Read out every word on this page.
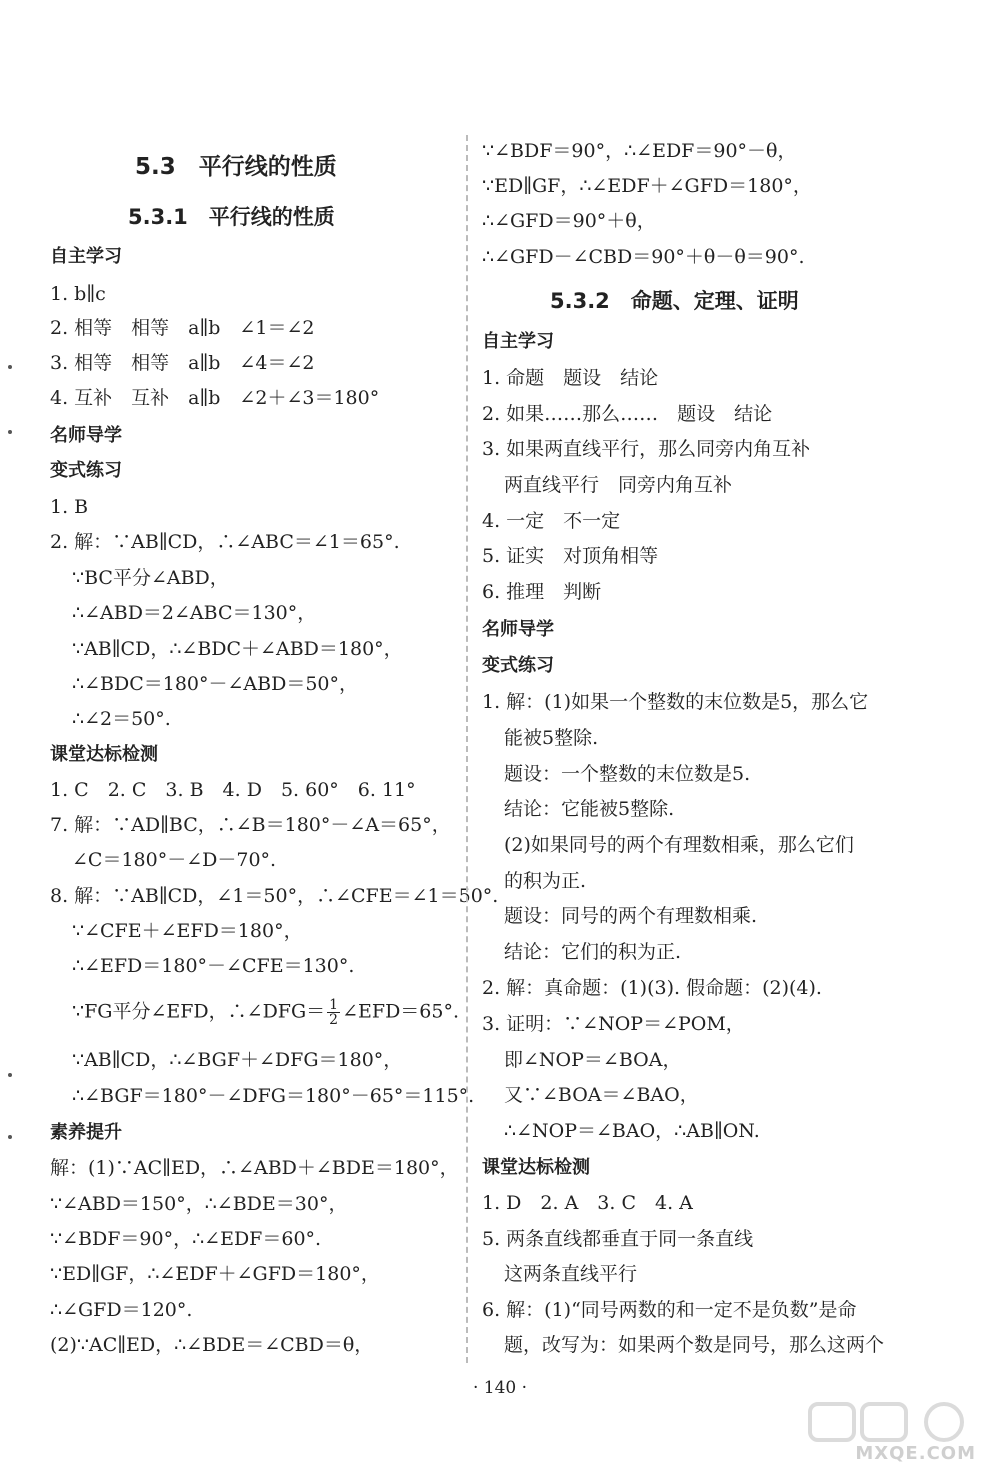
5.3　平行线的性质
5.3.1　平行线的性质
自主学习
1. b∥c
2. 相等　相等　a∥b　∠1＝∠2
3. 相等　相等　a∥b　∠4＝∠2
4. 互补　互补　a∥b　∠2＋∠3＝180°
名师导学
变式练习
1. B
2. 解：∵AB∥CD，∴∠ABC＝∠1＝65°.
∵BC平分∠ABD，
∴∠ABD＝2∠ABC＝130°，
∵AB∥CD，∴∠BDC＋∠ABD＝180°，
∴∠BDC＝180°－∠ABD＝50°，
∴∠2＝50°.
课堂达标检测
1. C　2. C　3. B　4. D　5. 60°　6. 11°
7. 解：∵AD∥BC，∴∠B＝180°－∠A＝65°，
∠C＝180°－∠D－70°.
8. 解：∵AB∥CD，∠1＝50°，∴∠CFE＝∠1＝50°.
∵∠CFE＋∠EFD＝180°，
∴∠EFD＝180°－∠CFE＝130°.
∵FG平分∠EFD，∴∠DFG＝ $\frac{1}{2}$ ∠EFD＝65°.
∵AB∥CD，∴∠BGF＋∠DFG＝180°，
∴∠BGF＝180°－∠DFG＝180°－65°＝115°.
素养提升
解：(1)∵AC∥ED，∴∠ABD＋∠BDE＝180°，
∵∠ABD＝150°，∴∠BDE＝30°，
∵∠BDF＝90°，∴∠EDF＝60°.
∵ED∥GF，∴∠EDF＋∠GFD＝180°，
∴∠GFD＝120°.
(2)∵AC∥ED，∴∠BDE＝∠CBD＝θ，
∵∠BDF＝90°，∴∠EDF＝90°－θ，
∵ED∥GF，∴∠EDF＋∠GFD＝180°，
∴∠GFD＝90°＋θ，
∴∠GFD－∠CBD＝90°＋θ－θ＝90°.
5.3.2　命题、定理、证明
自主学习
1. 命题　题设　结论
2. 如果……那么……　题设　结论
3. 如果两直线平行，那么同旁内角互补
两直线平行　同旁内角互补
4. 一定　不一定
5. 证实　对顶角相等
6. 推理　判断
名师导学
变式练习
1. 解：(1)如果一个整数的末位数是5，那么它
能被5整除.
题设：一个整数的末位数是5.
结论：它能被5整除.
(2)如果同号的两个有理数相乘，那么它们
的积为正.
题设：同号的两个有理数相乘.
结论：它们的积为正.
2. 解：真命题：(1)(3). 假命题：(2)(4).
3. 证明：∵∠NOP＝∠POM，
即∠NOP＝∠BOA，
又∵∠BOA＝∠BAO，
∴∠NOP＝∠BAO，∴AB∥ON.
课堂达标检测
1. D　2. A　3. C　4. A
5. 两条直线都垂直于同一条直线
这两条直线平行
6. 解：(1)“同号两数的和一定不是负数”是命
题，改写为：如果两个数是同号，那么这两个
· 140 ·
MXQE.COM
